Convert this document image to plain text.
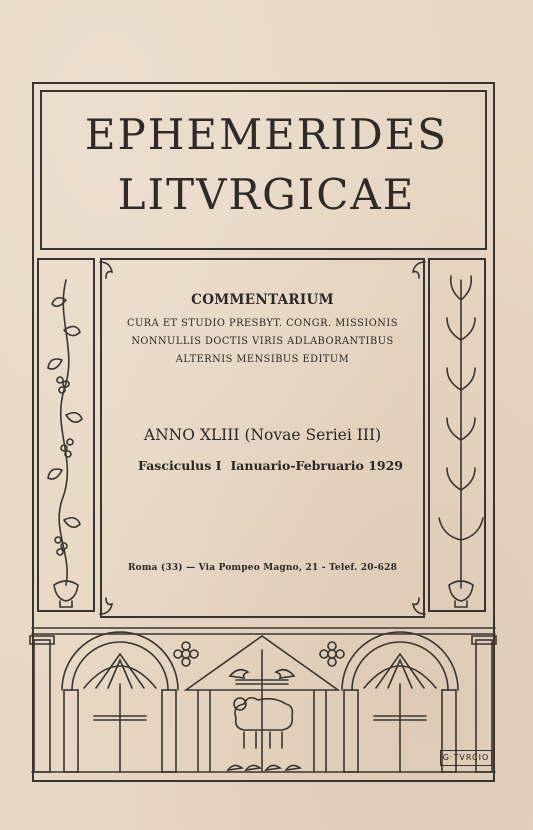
EPHEMERIDES
LITVRGICAE
COMMENTARIUM
CURA ET STUDIO PRESBYT. CONGR. MISSIONIS
NONNULLIS DOCTIS VIRIS ADLABORANTIBUS
ALTERNIS MENSIBUS EDITUM
ANNO XLIII (Novae Seriei III)
Fasciculus I Ianuario-Februario 1929
Roma (33) — Via Pompeo Magno, 21 - Telef. 20-628
G·TVRCIO
